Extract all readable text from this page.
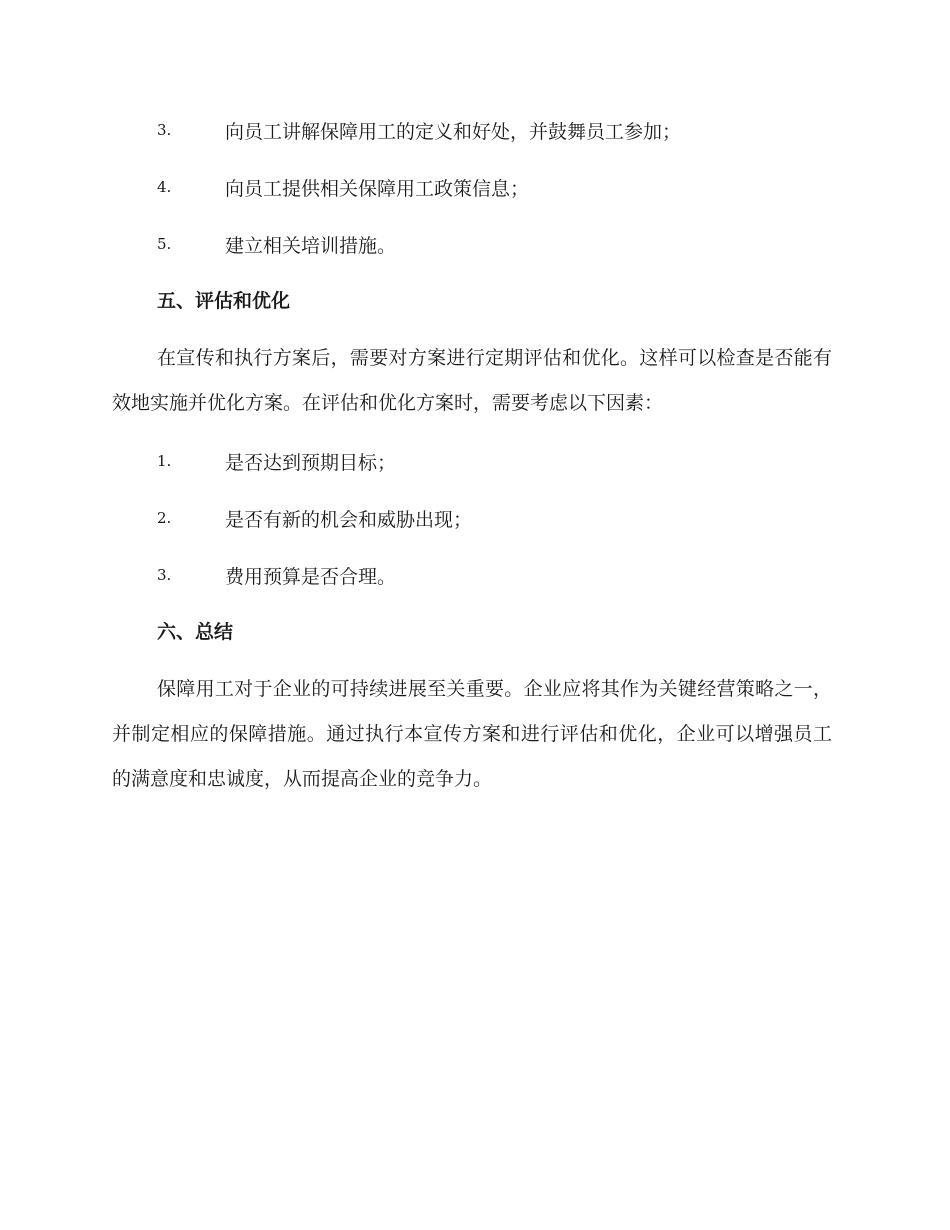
3.	向员工讲解保障用工的定义和好处，并鼓舞员工参加；
4.	向员工提供相关保障用工政策信息；
5.	建立相关培训措施。
五、评估和优化

在宣传和执行方案后，需要对方案进行定期评估和优化。这样可以检查是否能有效地实施并优化方案。在评估和优化方案时，需要考虑以下因素：

1.	是否达到预期目标；
2.	是否有新的机会和威胁出现；
3.	费用预算是否合理。
六、总结

保障用工对于企业的可持续进展至关重要。企业应将其作为关键经营策略之一，并制定相应的保障措施。通过执行本宣传方案和进行评估和优化，企业可以增强员工的满意度和忠诚度，从而提高企业的竞争力。
